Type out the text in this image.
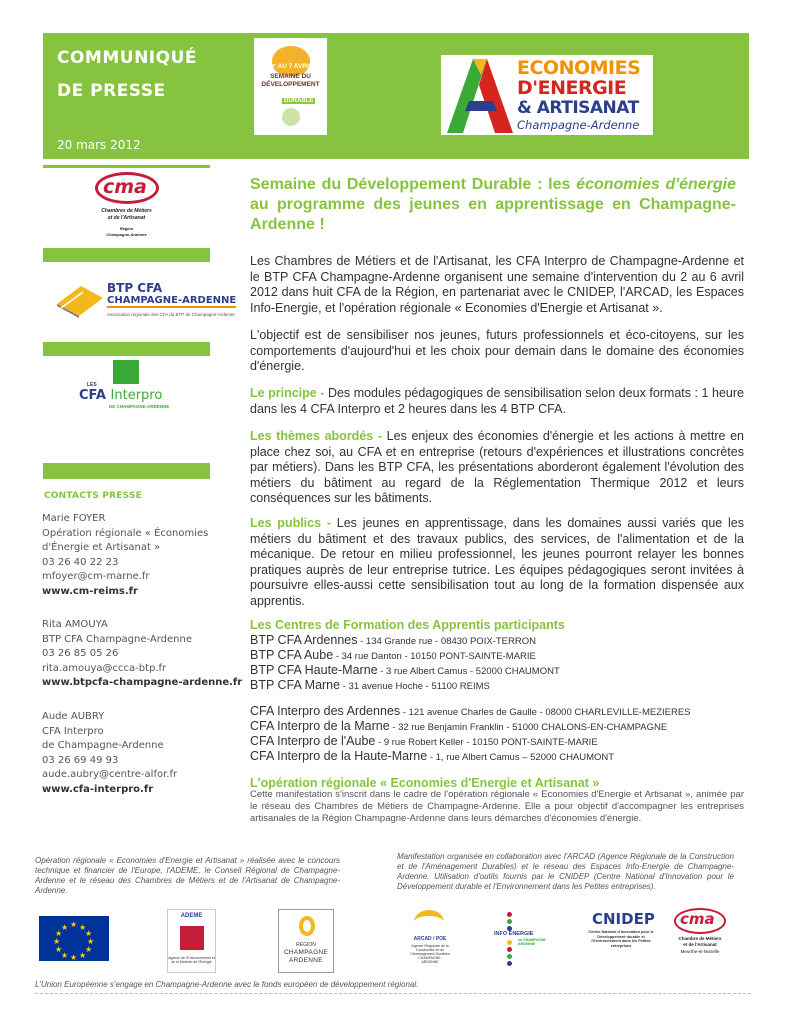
COMMUNIQUÉ
DE PRESSE
20 mars 2012
1ᵉʳ AU 7 AVRIL
SEMAINE DU
DÉVELOPPEMENT
DURABLE
ECONOMIES
D'ENERGIE
& ARTISANAT
Champagne-Ardenne
cma
Chambres de Métiers
et de l'Artisanat
Région
Champagne-Ardenne
BTP CFA
CHAMPAGNE-ARDENNE
Association régionale des CFA du BTP de Champagne-Ardenne
LES
CFA Interpro
DE CHAMPAGNE-ARDENNE
CONTACTS PRESSE
Marie FOYER
Opération régionale « Économies
d'Énergie et Artisanat »
03 26 40 22 23
mfoyer@cm-marne.fr
www.cm-reims.fr
Rita AMOUYA
BTP CFA Champagne-Ardenne
03 26 85 05 26
rita.amouya@ccca-btp.fr
www.btpcfa-champagne-ardenne.fr
Aude AUBRY
CFA Interpro
de Champagne-Ardenne
03 26 69 49 93
aude.aubry@centre-alfor.fr
www.cfa-interpro.fr
Semaine du Développement Durable : les économies d'énergie au programme des jeunes en apprentissage en Champagne-Ardenne !

Les Chambres de Métiers et de l'Artisanat, les CFA Interpro de Champagne-Ardenne et le BTP CFA Champagne-Ardenne organisent une semaine d'intervention du 2 au 6 avril 2012 dans huit CFA de la Région, en partenariat avec le CNIDEP, l'ARCAD, les Espaces Info-Energie, et l'opération régionale « Economies d'Energie et Artisanat ».

L'objectif est de sensibiliser nos jeunes, futurs professionnels et éco-citoyens, sur les comportements d'aujourd'hui et les choix pour demain dans le domaine des économies d'énergie.

Le principe - Des modules pédagogiques de sensibilisation selon deux formats : 1 heure dans les 4 CFA Interpro et 2 heures dans les 4 BTP CFA.

Les thèmes abordés - Les enjeux des économies d'énergie et les actions à mettre en place chez soi, au CFA et en entreprise (retours d'expériences et illustrations concrètes par métiers). Dans les BTP CFA, les présentations aborderont également l'évolution des métiers du bâtiment au regard de la Réglementation Thermique 2012 et leurs conséquences sur les bâtiments.

Les publics - Les jeunes en apprentissage, dans les domaines aussi variés que les métiers du bâtiment et des travaux publics, des services, de l'alimentation et de la mécanique. De retour en milieu professionnel, les jeunes pourront relayer les bonnes pratiques auprès de leur entreprise tutrice. Les équipes pédagogiques seront invitées à poursuivre elles-aussi cette sensibilisation tout au long de la formation dispensée aux apprentis.

Les Centres de Formation des Apprentis participants
BTP CFA Ardennes - 134 Grande rue - 08430 POIX-TERRON
BTP CFA Aube - 34 rue Danton - 10150 PONT-SAINTE-MARIE
BTP CFA Haute-Marne - 3 rue Albert Camus - 52000 CHAUMONT
BTP CFA Marne - 31 avenue Hoche - 51100 REIMS
CFA Interpro des Ardennes - 121 avenue Charles de Gaulle - 08000 CHARLEVILLE-MEZIERES
CFA Interpro de la Marne - 32 rue Benjamin Franklin - 51000 CHALONS-EN-CHAMPAGNE
CFA Interpro de l'Aube - 9 rue Robert Keller - 10150 PONT-SAINTE-MARIE
CFA Interpro de la Haute-Marne - 1, rue Albert Camus – 52000 CHAUMONT
L'opération régionale « Economies d'Energie et Artisanat »

Cette manifestation s'inscrit dans le cadre de l'opération régionale « Economies d'Energie et Artisanat », animée par le réseau des Chambres de Métiers de Champagne-Ardenne. Elle a pour objectif d'accompagner les entreprises artisanales de la Région Champagne-Ardenne dans leurs démarches d'économies d'énergie.

Opération régionale « Economies d'Energie et Artisanat » réalisée avec le concours technique et financier de l'Europe, l'ADEME, le Conseil Régional de Champagne-Ardenne et le réseau des Chambres de Métiers et de l'Artisanat de Champagne-Ardenne.

Manifestation organisée en collaboration avec l'ARCAD (Agence Régionale de la Construction et de l'Aménagement Durables) et le réseau des Espaces Info-Energie de Champagne-Ardenne. Utilisation d'outils fournis par le CNIDEP (Centre National d'Innovation pour le Développement durable et l'Environnement dans les Petites entreprises).

★ ★
★
★
★
★
★
★
★
★
★
★
ADEME
Agence de l'Environnement et de la Maîtrise de l'Énergie
RÉGION
CHAMPAGNE
ARDENNE
ARCAD / POE
Agence Régionale de la Construction et de l'Aménagement Durables CHAMPAGNE-ARDENNE
INFO ÉNERGIE
en CHAMPAGNE
ARDENNE
CNIDEP
Centre National d'Innovation pour le Développement durable et l'Environnement dans les Petites entreprises
cma
Chambre de Métiers
et de l'Artisanat
Meurthe-et-Moselle
L'Union Européenne s'engage en Champagne-Ardenne avec le fonds européen de développement régional.
